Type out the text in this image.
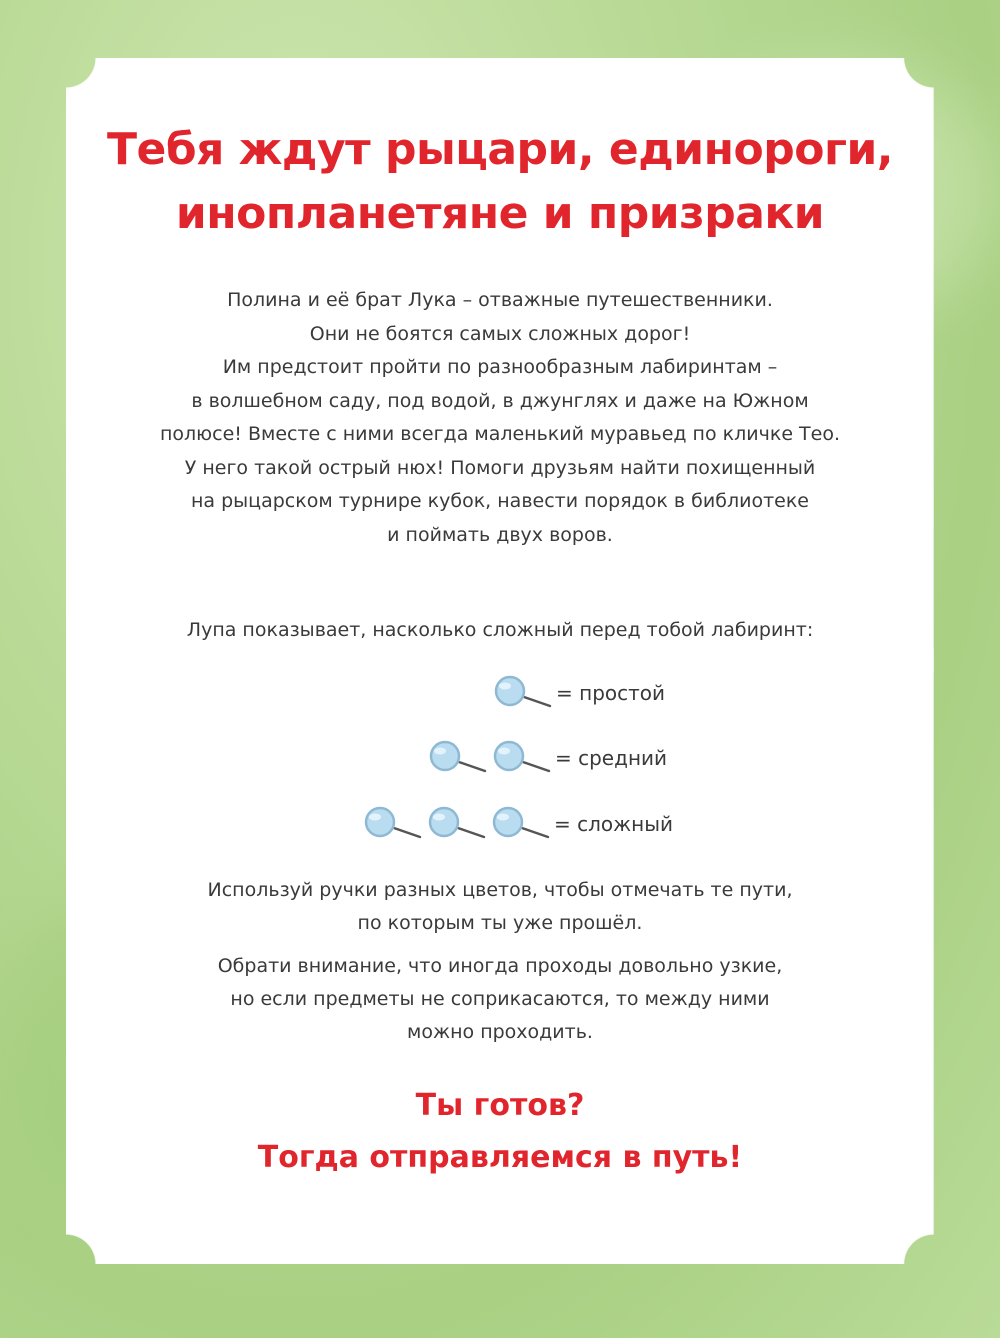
Тебя ждут рыцари, единороги,
инопланетяне и призраки
Полина и её брат Лука – отважные путешественники.
Они не боятся самых сложных дорог!
Им предстоит пройти по разнообразным лабиринтам –
в волшебном саду, под водой, в джунглях и даже на Южном
полюсе! Вместе с ними всегда маленький муравьед по кличке Тео.
У него такой острый нюх! Помоги друзьям найти похищенный
на рыцарском турнире кубок, навести порядок в библиотеке
и поймать двух воров.
Лупа показывает, насколько сложный перед тобой лабиринт:
= простой
= средний
= сложный
Используй ручки разных цветов, чтобы отмечать те пути,
по которым ты уже прошёл.
Обрати внимание, что иногда проходы довольно узкие,
но если предметы не соприкасаются, то между ними
можно проходить.
Ты готов?
Тогда отправляемся в путь!
